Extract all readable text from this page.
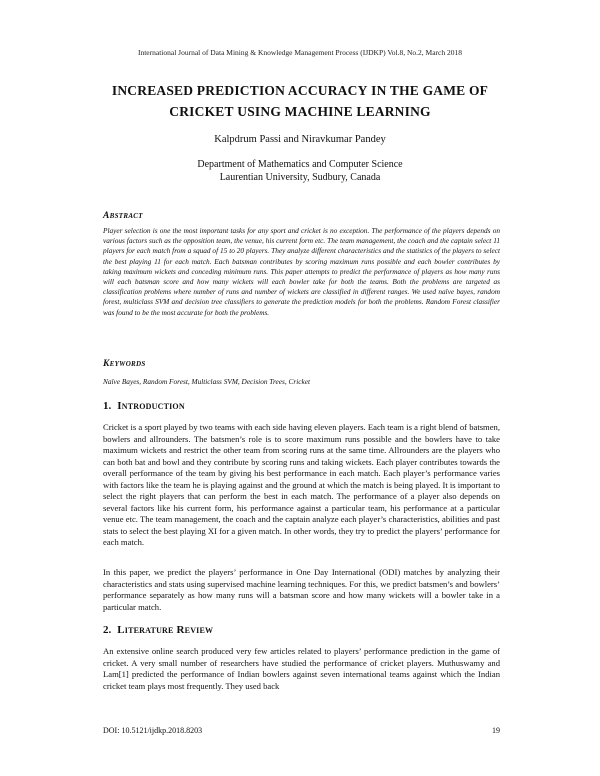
International Journal of Data Mining & Knowledge Management Process (IJDKP) Vol.8, No.2, March 2018
INCREASED PREDICTION ACCURACY IN THE GAME OF
CRICKET USING MACHINE LEARNING
Kalpdrum Passi and Niravkumar Pandey
Department of Mathematics and Computer Science
Laurentian University, Sudbury, Canada
Abstract

Player selection is one the most important tasks for any sport and cricket is no exception. The performance of the players depends on various factors such as the opposition team, the venue, his current form etc. The team management, the coach and the captain select 11 players for each match from a squad of 15 to 20 players. They analyze different characteristics and the statistics of the players to select the best playing 11 for each match. Each batsman contributes by scoring maximum runs possible and each bowler contributes by taking maximum wickets and conceding minimum runs. This paper attempts to predict the performance of players as how many runs will each batsman score and how many wickets will each bowler take for both the teams. Both the problems are targeted as classification problems where number of runs and number of wickets are classified in different ranges. We used naïve bayes, random forest, multiclass SVM and decision tree classifiers to generate the prediction models for both the problems. Random Forest classifier was found to be the most accurate for both the problems.

Keywords

Naïve Bayes, Random Forest, Multiclass SVM, Decision Trees, Cricket

1. Introduction

Cricket is a sport played by two teams with each side having eleven players. Each team is a right blend of batsmen, bowlers and allrounders. The batsmen’s role is to score maximum runs possible and the bowlers have to take maximum wickets and restrict the other team from scoring runs at the same time. Allrounders are the players who can both bat and bowl and they contribute by scoring runs and taking wickets. Each player contributes towards the overall performance of the team by giving his best performance in each match. Each player’s performance varies with factors like the team he is playing against and the ground at which the match is being played. It is important to select the right players that can perform the best in each match. The performance of a player also depends on several factors like his current form, his performance against a particular team, his performance at a particular venue etc. The team management, the coach and the captain analyze each player’s characteristics, abilities and past stats to select the best playing XI for a given match. In other words, they try to predict the players’ performance for each match.

In this paper, we predict the players’ performance in One Day International (ODI) matches by analyzing their characteristics and stats using supervised machine learning techniques. For this, we predict batsmen’s and bowlers’ performance separately as how many runs will a batsman score and how many wickets will a bowler take in a particular match.

2. Literature Review

An extensive online search produced very few articles related to players’ performance prediction in the game of cricket. A very small number of researchers have studied the performance of cricket players. Muthuswamy and Lam[1] predicted the performance of Indian bowlers against seven international teams against which the Indian cricket team plays most frequently. They used back

DOI: 10.5121/ijdkp.2018.8203	19
